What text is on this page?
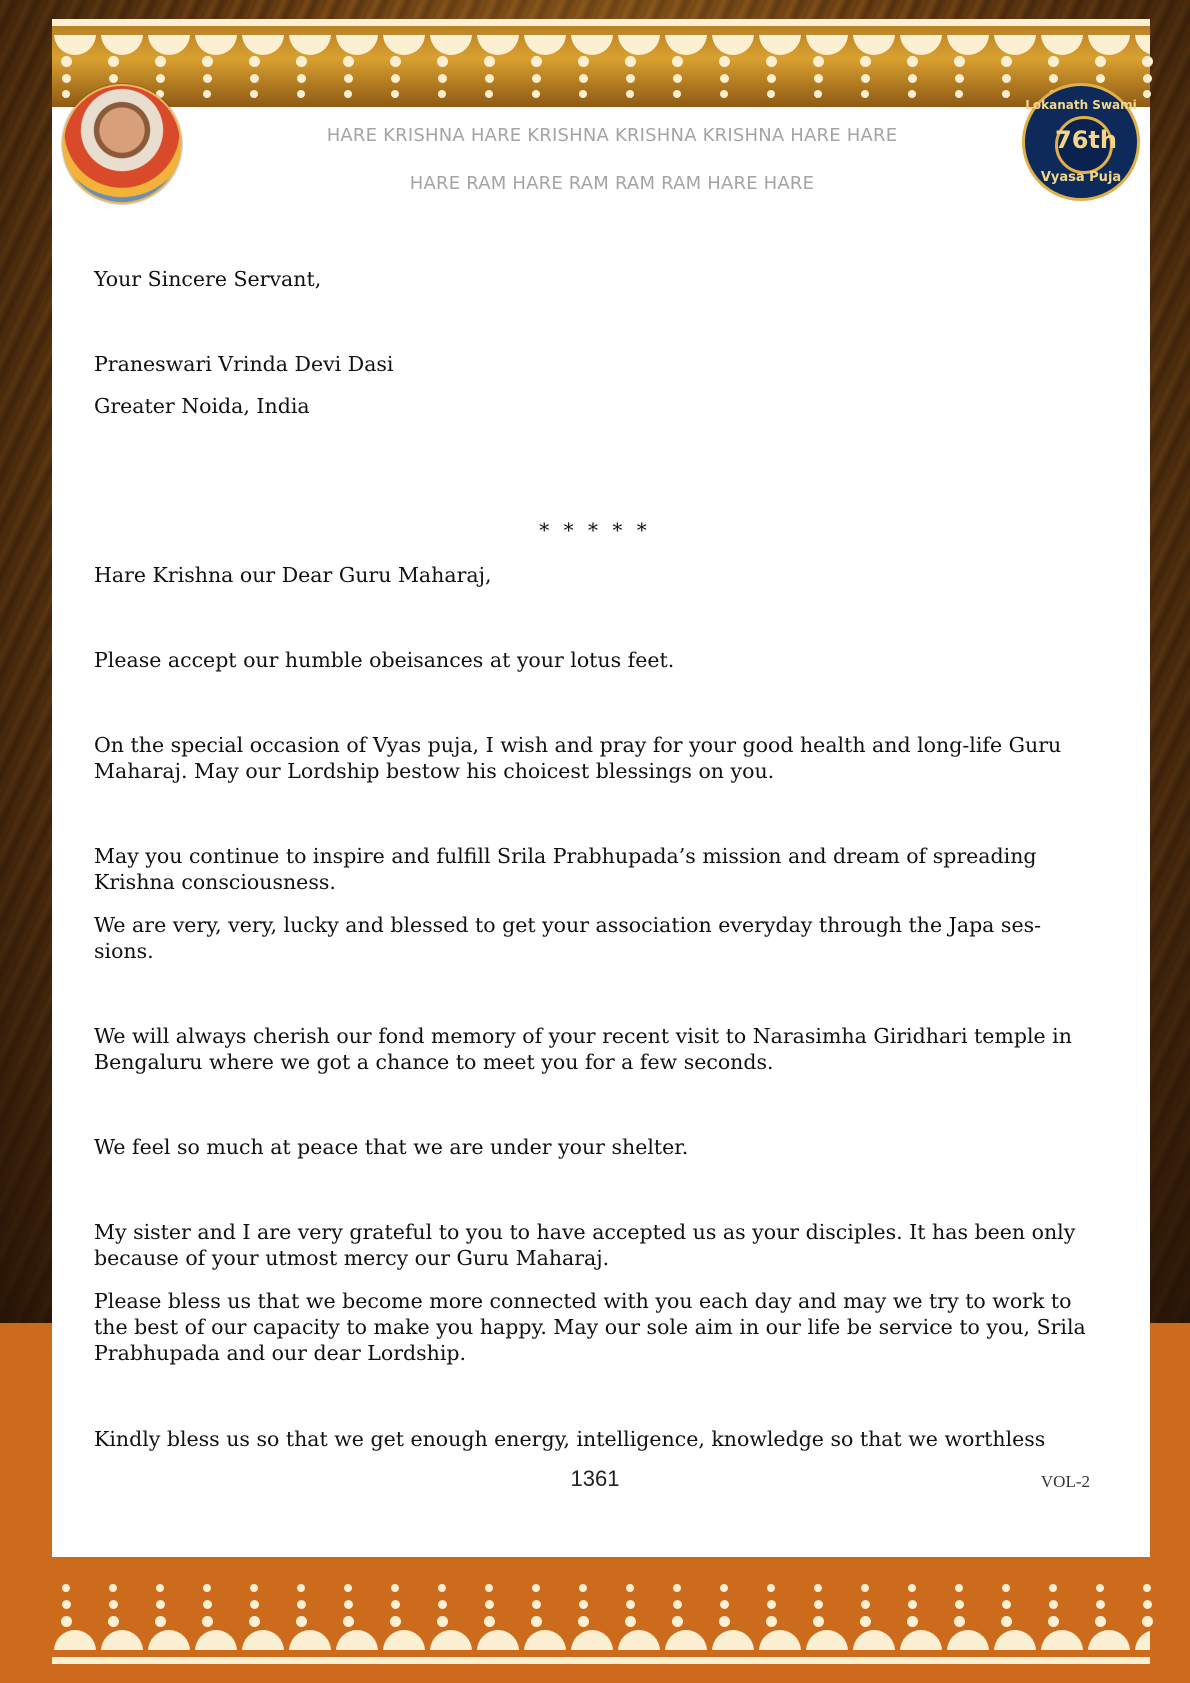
Lokanath Swami
76th
Vyasa Puja
HARE KRISHNA HARE KRISHNA KRISHNA KRISHNA HARE HARE
HARE RAM HARE RAM RAM RAM HARE HARE
Your Sincere Servant,
Praneswari Vrinda Devi Dasi
Greater Noida, India
* * * * *
Hare Krishna our Dear Guru Maharaj,
Please accept our humble obeisances at your lotus feet.
On the special occasion of Vyas puja, I wish and pray for your good health and long-life Guru Maharaj. May our Lordship bestow his choicest blessings on you.
May you continue to inspire and fulfill Srila Prabhupada’s mission and dream of spreading Krishna consciousness.
We are very, very, lucky and blessed to get your association everyday through the Japa ses-sions.
We will always cherish our fond memory of your recent visit to Narasimha Giridhari temple in Bengaluru where we got a chance to meet you for a few seconds.
We feel so much at peace that we are under your shelter.
My sister and I are very grateful to you to have accepted us as your disciples. It has been only because of your utmost mercy our Guru Maharaj.
Please bless us that we become more connected with you each day and may we try to work to the best of our capacity to make you happy. May our sole aim in our life be service to you, Srila Prabhupada and our dear Lordship.
Kindly bless us so that we get enough energy, intelligence, knowledge so that we worthless
1361	VOL-2
